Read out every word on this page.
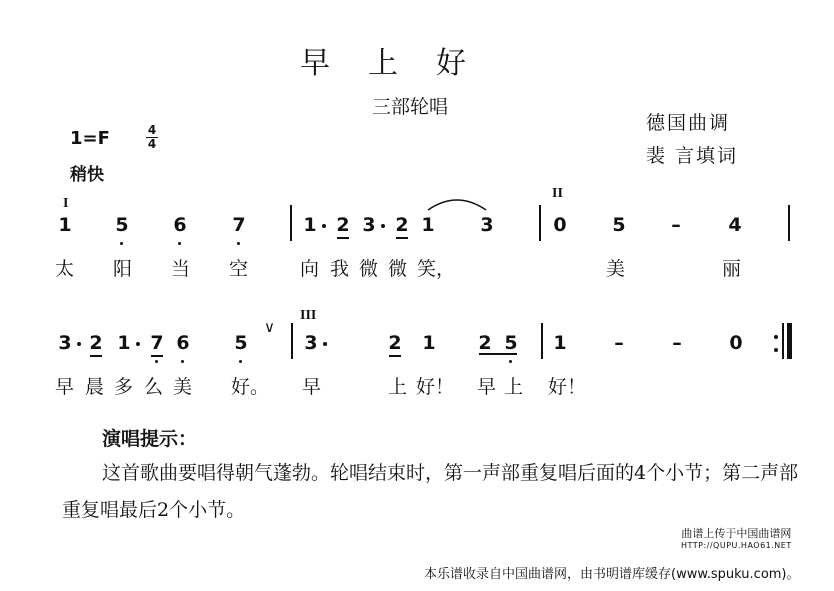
早上好
三部轮唱
德国曲调
裴 言填词
1=F	4
4
稍快
I
II
III
1 5 6 7	1 2 3 2 1 3	0 5 –	4
太 阳 当 空	向 我 微 微 笑，	美	丽
3 2 1 7 6 5
∨
3	2 1 2 5 1	–	–	0
早 晨 多 么 美 好。 早	上 好！ 早 上 好！
演唱提示：
这首歌曲要唱得朝气蓬勃。轮唱结束时，第一声部重复唱后面的4个小节；第二声部重复唱最后2个小节。
曲谱上传于中国曲谱网
HTTP://QUPU.HAO61.NET
本乐谱收录自中国曲谱网，由书明谱库缓存(www.spuku.com)。
